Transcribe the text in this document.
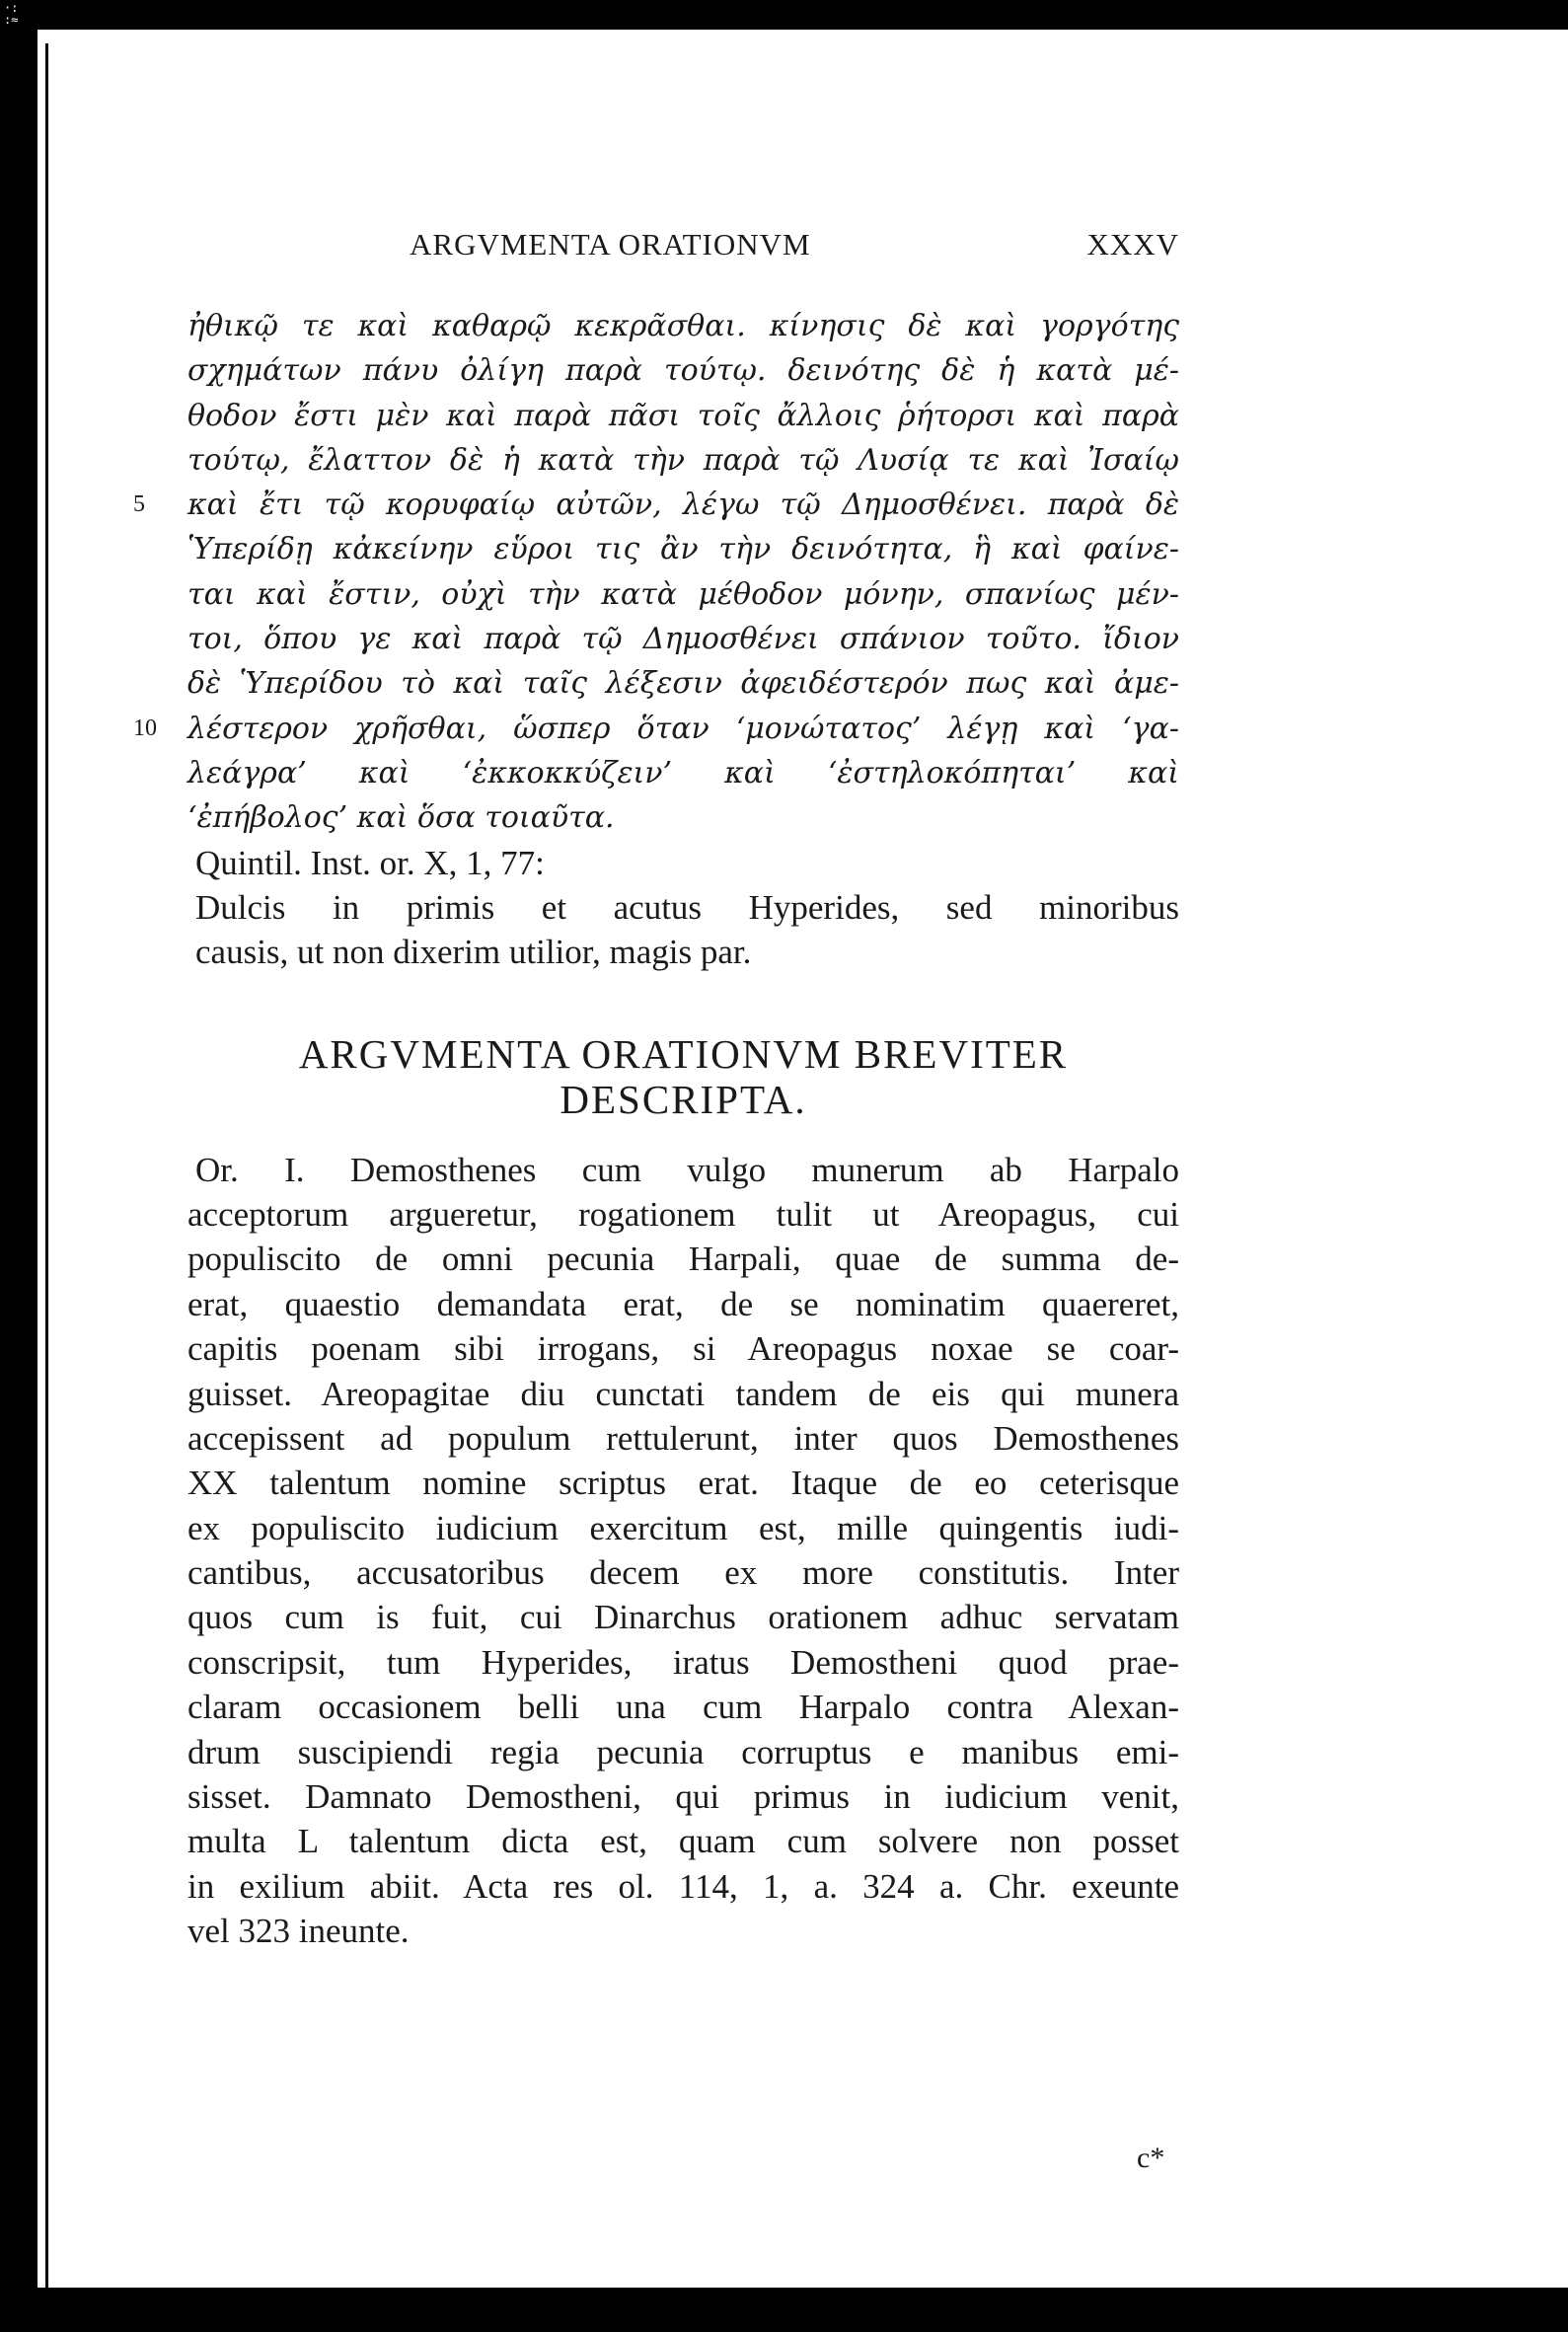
·:
:≈
ARGVMENTA ORATIONVM	XXXV
ἠθικῷ τε καὶ καθαρῷ κεκρᾶσθαι. κίνησις δὲ καὶ γοργότης
σχημάτων πάνυ ὀλίγη παρὰ τούτῳ. δεινότης δὲ ἡ κατὰ μέ-
θοδον ἔστι μὲν καὶ παρὰ πᾶσι τοῖς ἄλλοις ῥήτορσι καὶ παρὰ
τούτῳ, ἔλαττον δὲ ἡ κατὰ τὴν παρὰ τῷ Λυσίᾳ τε καὶ Ἰσαίῳ
5 καὶ ἔτι τῷ κορυφαίῳ αὐτῶν, λέγω τῷ Δημοσθένει. παρὰ δὲ
Ὑπερίδῃ κἀκείνην εὕροι τις ἂν τὴν δεινότητα, ἣ καὶ φαίνε-
ται καὶ ἔστιν, οὐχὶ τὴν κατὰ μέθοδον μόνην, σπανίως μέν-
τοι, ὅπου γε καὶ παρὰ τῷ Δημοσθένει σπάνιον τοῦτο. ἴδιον
δὲ Ὑπερίδου τὸ καὶ ταῖς λέξεσιν ἀφειδέστερόν πως καὶ ἀμε-
10 λέστερον χρῆσθαι, ὥσπερ ὅταν ‘μονώτατος’ λέγῃ καὶ ‘γα-
λεάγρα’ καὶ ‘ἐκκοκκύζειν’ καὶ ‘ἐστηλοκόπηται’ καὶ
‘ἐπήβολος’ καὶ ὅσα τοιαῦτα.
Quintil. Inst. or. X, 1, 77:
Dulcis in primis et acutus Hyperides, sed minoribus
causis, ut non dixerim utilior, magis par.
ARGVMENTA ORATIONVM BREVITER
DESCRIPTA.
Or. I. Demosthenes cum vulgo munerum ab Harpalo
acceptorum argueretur, rogationem tulit ut Areopagus, cui
populiscito de omni pecunia Harpali, quae de summa de-
erat, quaestio demandata erat, de se nominatim quaereret,
capitis poenam sibi irrogans, si Areopagus noxae se coar-
guisset. Areopagitae diu cunctati tandem de eis qui munera
accepissent ad populum rettulerunt, inter quos Demosthenes
XX talentum nomine scriptus erat. Itaque de eo ceterisque
ex populiscito iudicium exercitum est, mille quingentis iudi-
cantibus, accusatoribus decem ex more constitutis. Inter
quos cum is fuit, cui Dinarchus orationem adhuc servatam
conscripsit, tum Hyperides, iratus Demostheni quod prae-
claram occasionem belli una cum Harpalo contra Alexan-
drum suscipiendi regia pecunia corruptus e manibus emi-
sisset. Damnato Demostheni, qui primus in iudicium venit,
multa L talentum dicta est, quam cum solvere non posset
in exilium abiit. Acta res ol. 114, 1, a. 324 a. Chr. exeunte
vel 323 ineunte.
c*
